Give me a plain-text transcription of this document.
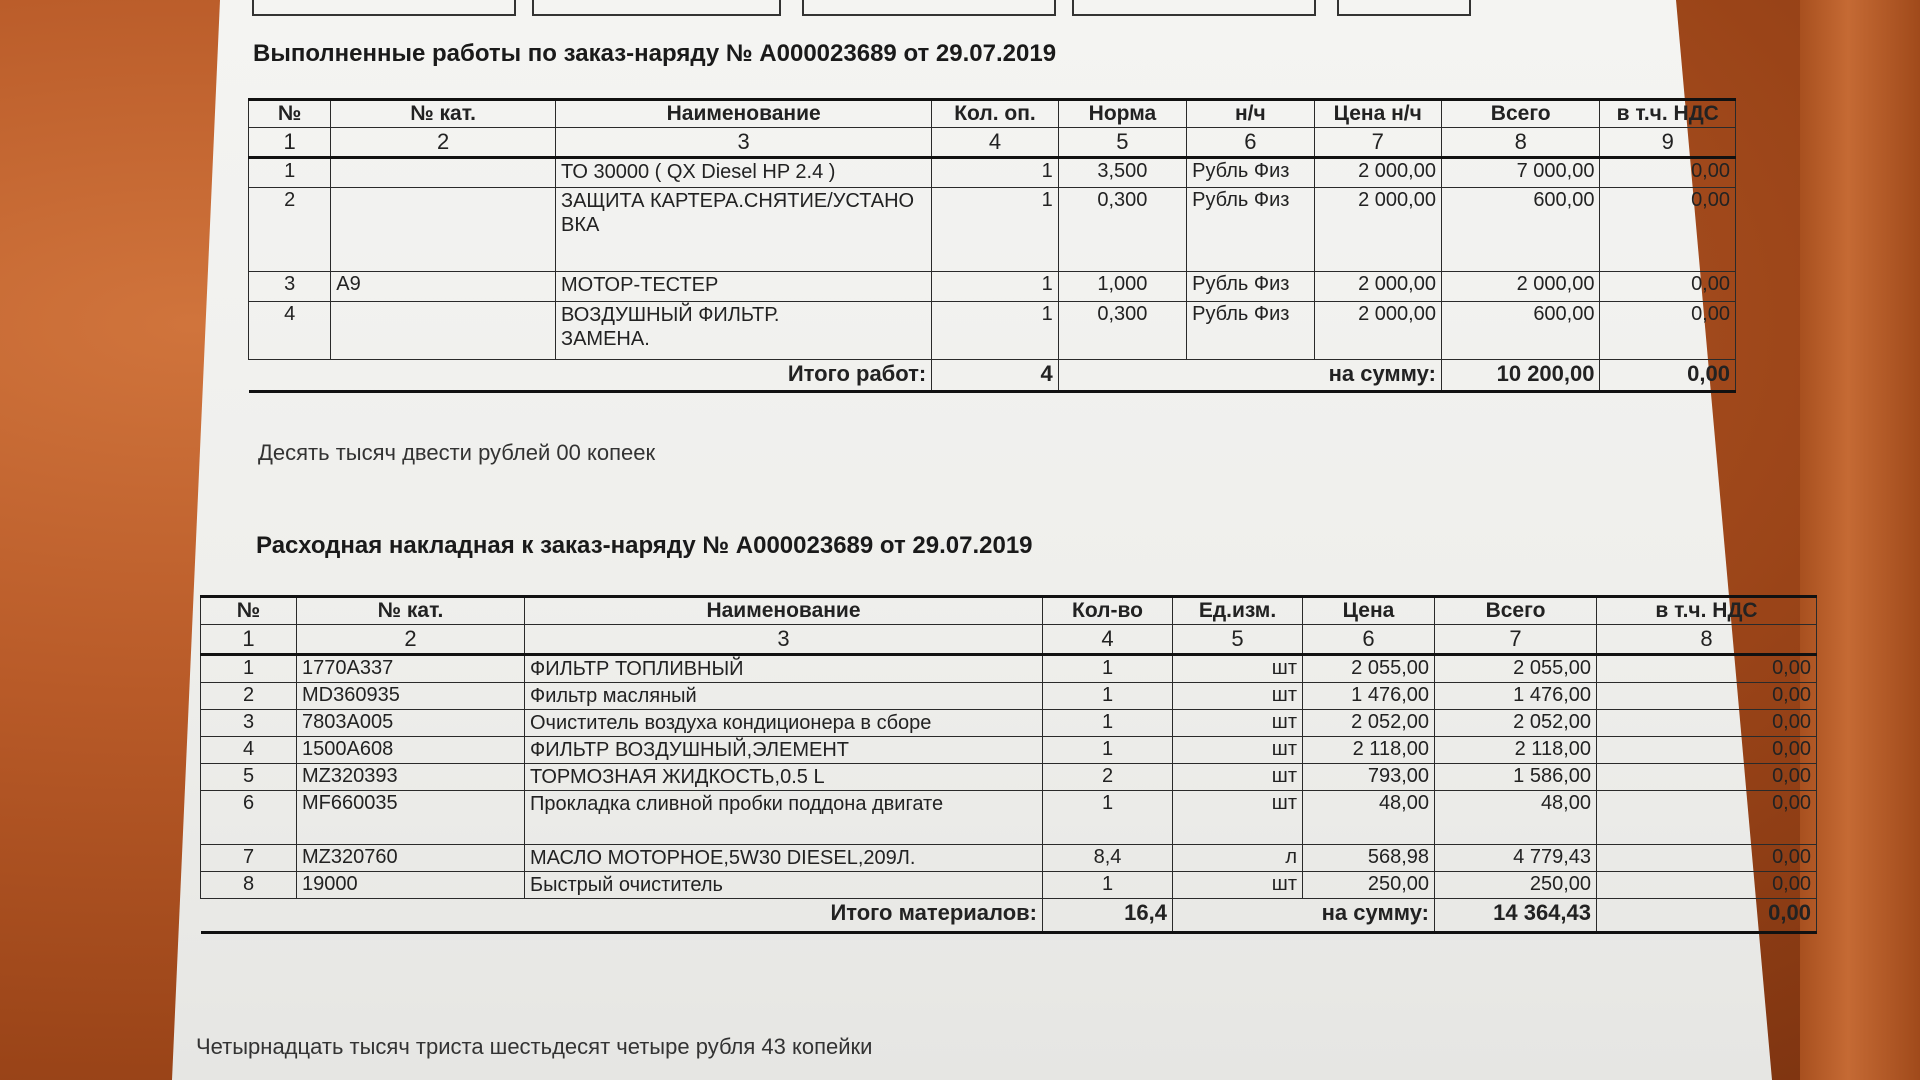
Выполненные работы по заказ-наряду № А000023689 от 29.07.2019
№	№ кат.	Наименование	Кол. оп.	Норма	н/ч	Цена н/ч	Всего	в т.ч. НДС
1	2	3	4	5	6	7	8	9
1		ТО 30000 ( QX Diesel HP 2.4 )	1	3,500	Рубль Физ	2 000,00	7 000,00	0,00
2		ЗАЩИТА КАРТЕРА.СНЯТИЕ/УСТАНОВКА	1	0,300	Рубль Физ	2 000,00	600,00	0,00
3	А9	МОТОР-ТЕСТЕР	1	1,000	Рубль Физ	2 000,00	2 000,00	0,00
4		ВОЗДУШНЫЙ ФИЛЬТР. ЗАМЕНА.	1	0,300	Рубль Физ	2 000,00	600,00	0,00
Итого работ:			4	на сумму:			10 200,00	0,00
Десять тысяч двести рублей 00 копеек
Расходная накладная к заказ-наряду № А000023689 от 29.07.2019
№	№ кат.	Наименование	Кол-во	Ед.изм.	Цена	Всего	в т.ч. НДС
1	2	3	4	5	6	7	8
1	1770A337	ФИЛЬТР ТОПЛИВНЫЙ	1	шт	2 055,00	2 055,00	0,00
2	MD360935	Фильтр масляный	1	шт	1 476,00	1 476,00	0,00
3	7803A005	Очиститель воздуха кондиционера в сборе	1	шт	2 052,00	2 052,00	0,00
4	1500A608	ФИЛЬТР ВОЗДУШНЫЙ,ЭЛЕМЕНТ	1	шт	2 118,00	2 118,00	0,00
5	MZ320393	ТОРМОЗНАЯ ЖИДКОСТЬ,0.5 L	2	шт	793,00	1 586,00	0,00
6	MF660035	Прокладка сливной пробки поддона двигате	1	шт	48,00	48,00	0,00
7	MZ320760	МАСЛО МОТОРНОЕ,5W30 DIESEL,209Л.	8,4	л	568,98	4 779,43	0,00
8	19000	Быстрый очиститель	1	шт	250,00	250,00	0,00
Итого материалов:			16,4	на сумму:		14 364,43	0,00
Четырнадцать тысяч триста шестьдесят четыре рубля 43 копейки
